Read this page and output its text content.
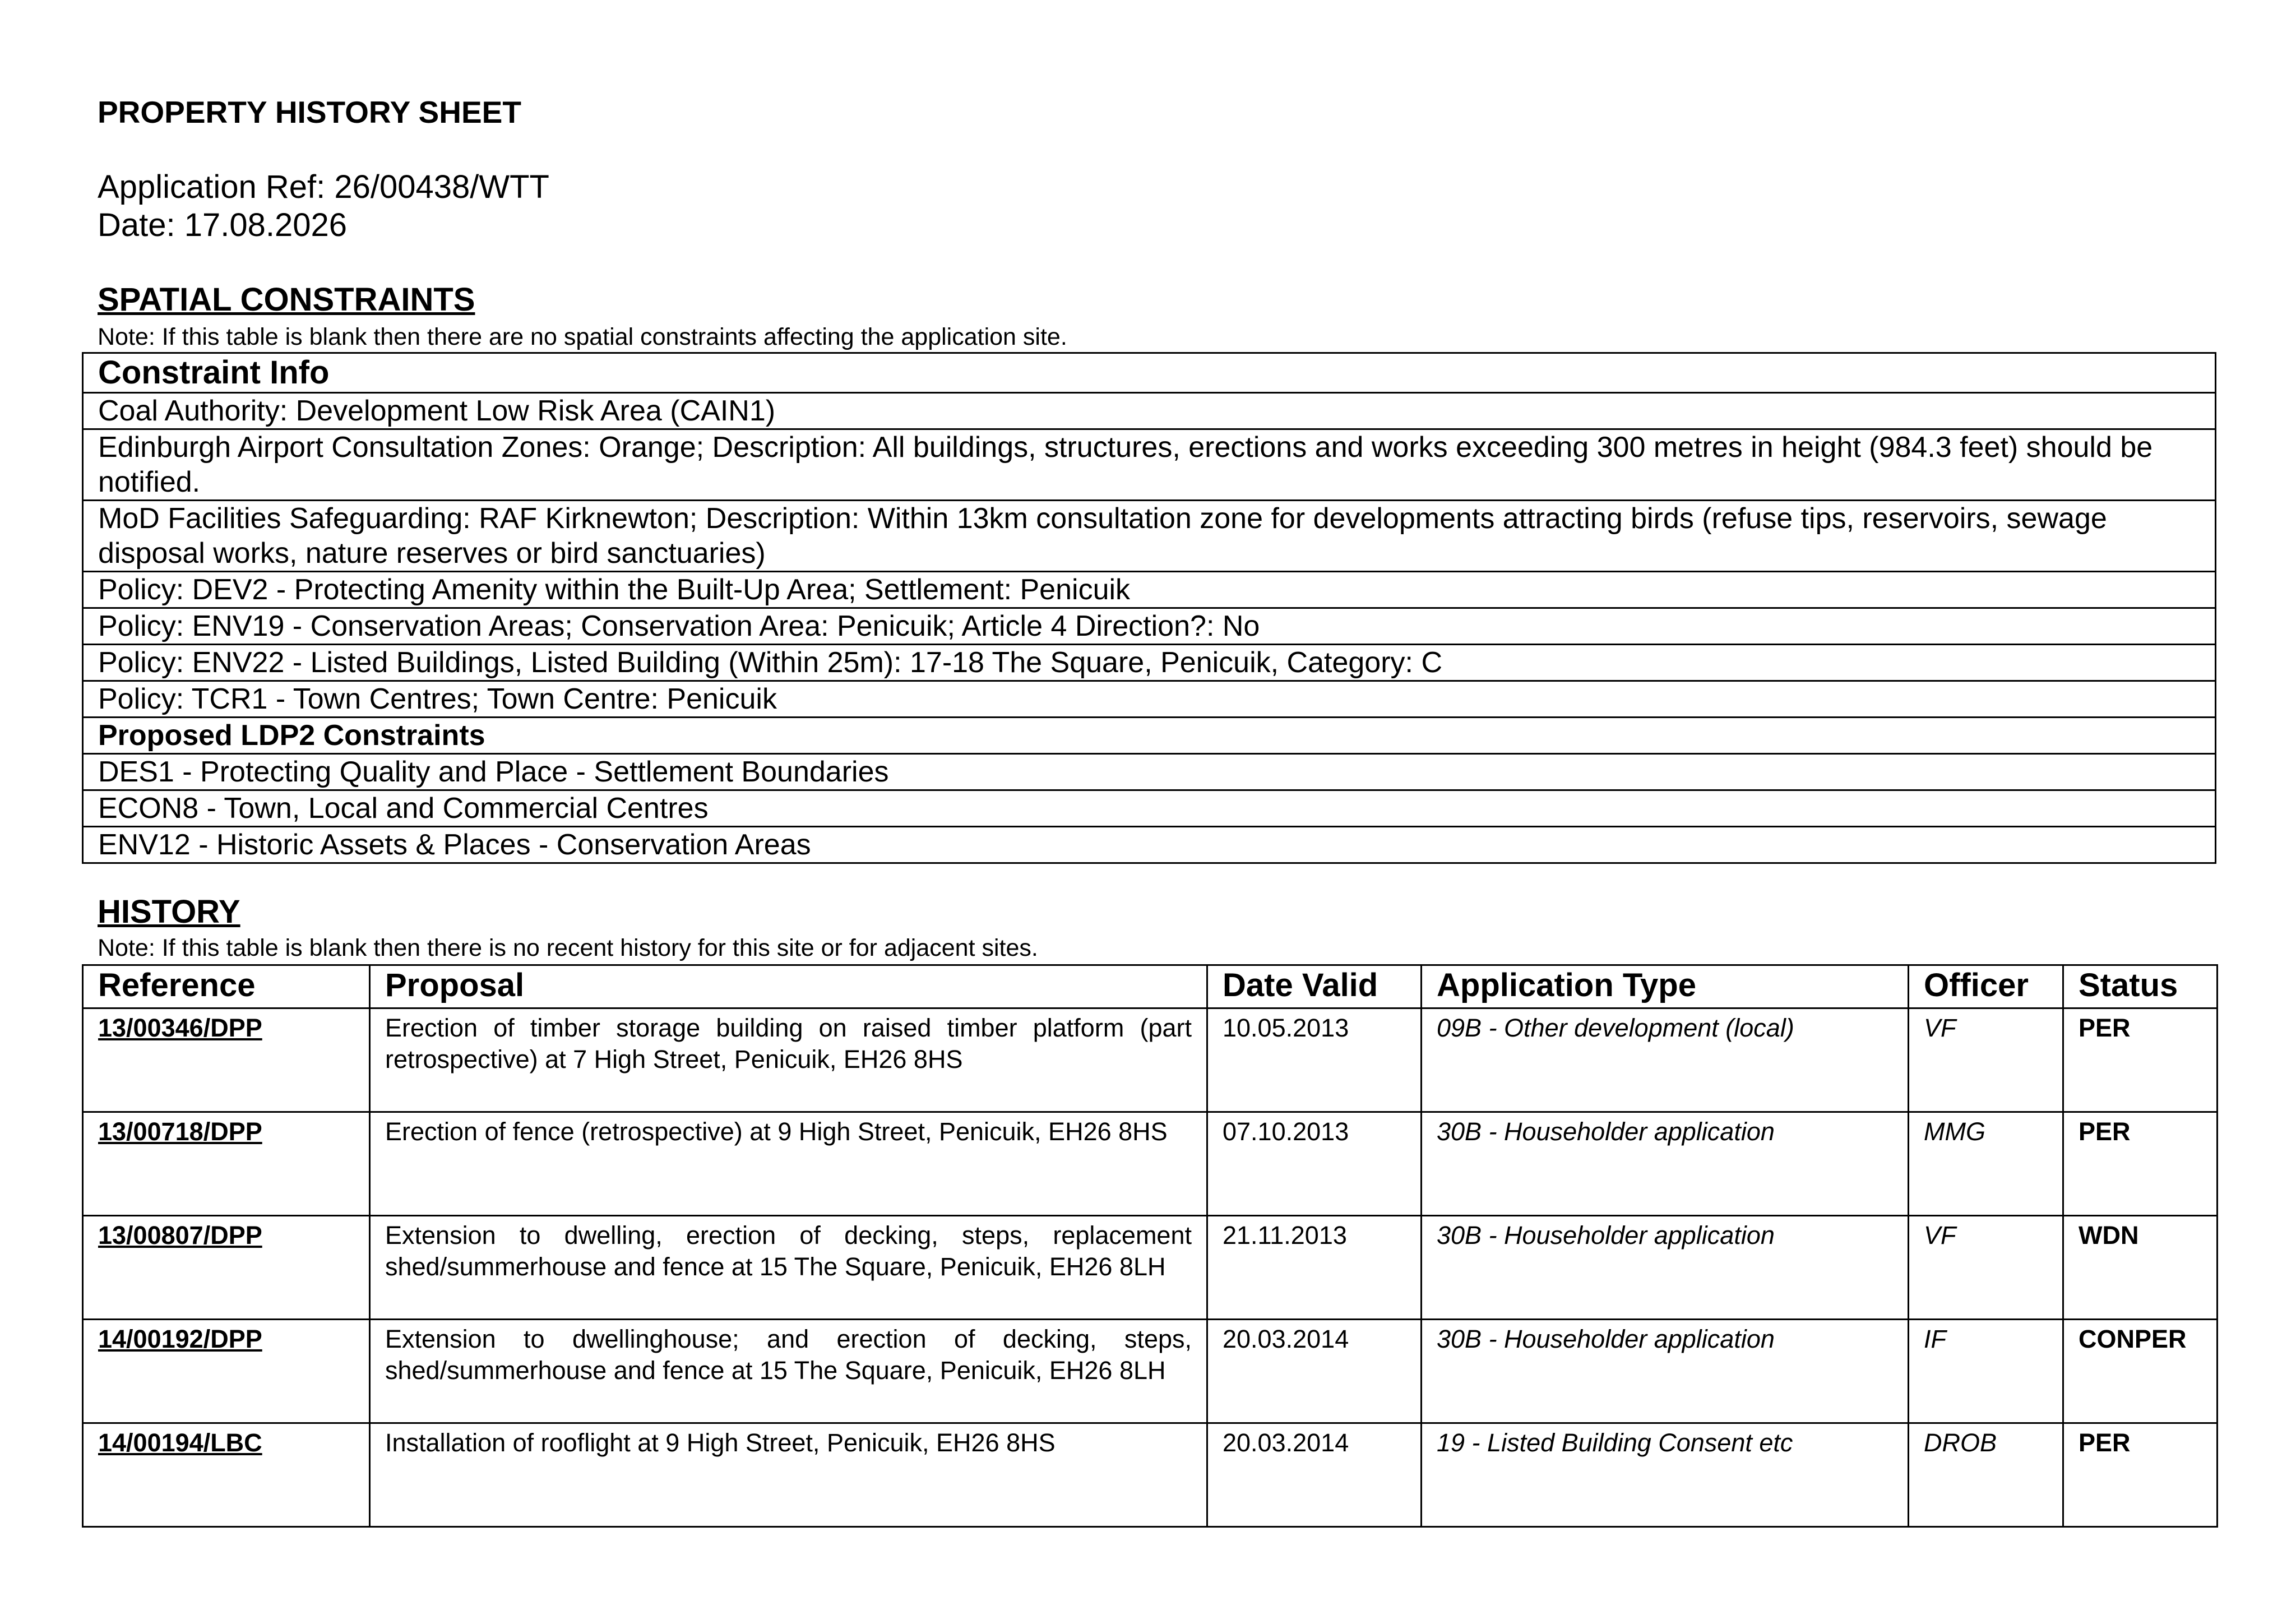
PROPERTY HISTORY SHEET
Application Ref: 26/00438/WTT
Date: 17.08.2026
SPATIAL CONSTRAINTS
Note: If this table is blank then there are no spatial constraints affecting the application site.
Constraint Info
Coal Authority: Development Low Risk Area (CAIN1)
Edinburgh Airport Consultation Zones: Orange; Description: All buildings, structures, erections and works exceeding 300 metres in height (984.3 feet) should be notified.
MoD Facilities Safeguarding: RAF Kirknewton; Description: Within 13km consultation zone for developments attracting birds (refuse tips, reservoirs, sewage disposal works, nature reserves or bird sanctuaries)
Policy: DEV2 - Protecting Amenity within the Built-Up Area; Settlement: Penicuik
Policy: ENV19 - Conservation Areas; Conservation Area: Penicuik; Article 4 Direction?: No
Policy: ENV22 - Listed Buildings, Listed Building (Within 25m): 17-18 The Square, Penicuik, Category: C
Policy: TCR1 - Town Centres; Town Centre: Penicuik
Proposed LDP2 Constraints
DES1 - Protecting Quality and Place - Settlement Boundaries
ECON8 - Town, Local and Commercial Centres
ENV12 - Historic Assets & Places - Conservation Areas
HISTORY
Note: If this table is blank then there is no recent history for this site or for adjacent sites.
Reference	Proposal	Date Valid	Application Type	Officer	Status
13/00346/DPP	Erection of timber storage building on raised timber platform (part retrospective) at 7 High Street, Penicuik, EH26 8HS	10.05.2013	09B - Other development (local)	VF	PER
13/00718/DPP	Erection of fence (retrospective) at 9 High Street, Penicuik, EH26 8HS	07.10.2013	30B - Householder application	MMG	PER
13/00807/DPP	Extension to dwelling, erection of decking, steps, replacement shed/summerhouse and fence at 15 The Square, Penicuik, EH26 8LH	21.11.2013	30B - Householder application	VF	WDN
14/00192/DPP	Extension to dwellinghouse; and erection of decking, steps, shed/summerhouse and fence at 15 The Square, Penicuik, EH26 8LH	20.03.2014	30B - Householder application	IF	CONPER
14/00194/LBC	Installation of rooflight at 9 High Street, Penicuik, EH26 8HS	20.03.2014	19 - Listed Building Consent etc	DROB	PER
